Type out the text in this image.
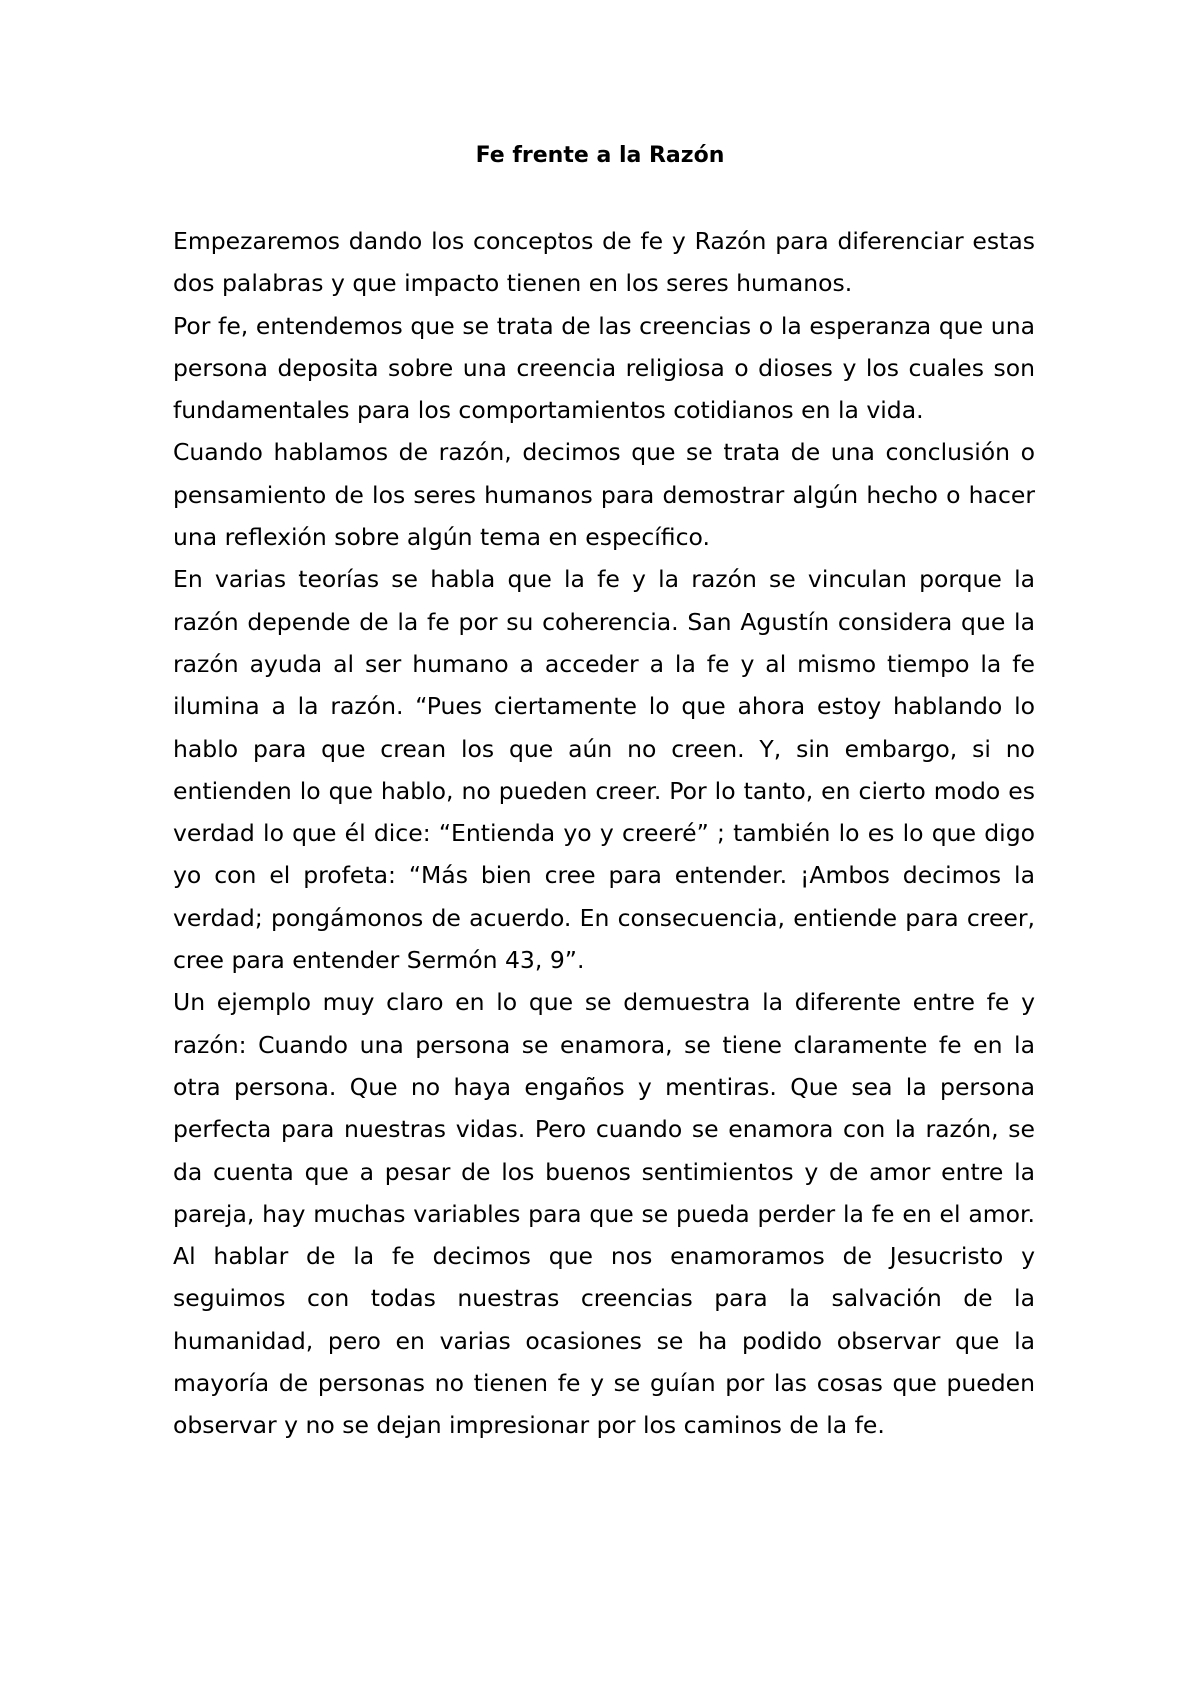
Fe frente a la Razón

Empezaremos dando los conceptos de fe y Razón para diferenciar estas dos palabras y que impacto tienen en los seres humanos.

Por fe, entendemos que se trata de las creencias o la esperanza que una persona deposita sobre una creencia religiosa o dioses y los cuales son fundamentales para los comportamientos cotidianos en la vida.

Cuando hablamos de razón, decimos que se trata de una conclusión o pensamiento de los seres humanos para demostrar algún hecho o hacer una reflexión sobre algún tema en específico.

En varias teorías se habla que la fe y la razón se vinculan porque la razón depende de la fe por su coherencia. San Agustín considera que la razón ayuda al ser humano a acceder a la fe y al mismo tiempo la fe ilumina a la razón. “Pues ciertamente lo que ahora estoy hablando lo hablo para que crean los que aún no creen. Y, sin embargo, si no entienden lo que hablo, no pueden creer. Por lo tanto, en cierto modo es verdad lo que él dice: “Entienda yo y creeré” ; también lo es lo que digo yo con el profeta: “Más bien cree para entender. ¡Ambos decimos la verdad; pongámonos de acuerdo. En consecuencia, entiende para creer, cree para entender Sermón 43, 9”.

Un ejemplo muy claro en lo que se demuestra la diferente entre fe y razón: Cuando una persona se enamora, se tiene claramente fe en la otra persona. Que no haya engaños y mentiras. Que sea la persona perfecta para nuestras vidas. Pero cuando se enamora con la razón, se da cuenta que a pesar de los buenos sentimientos y de amor entre la pareja, hay muchas variables para que se pueda perder la fe en el amor. Al hablar de la fe decimos que nos enamoramos de Jesucristo y seguimos con todas nuestras creencias para la salvación de la humanidad, pero en varias ocasiones se ha podido observar que la mayoría de personas no tienen fe y se guían por las cosas que pueden observar y no se dejan impresionar por los caminos de la fe.
